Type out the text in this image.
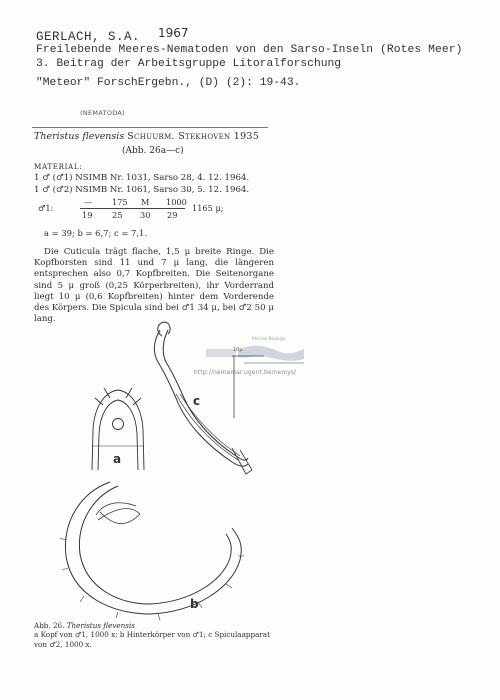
GERLACH, S.A. 1967
Freilebende Meeres-Nematoden von den Sarso-Inseln (Rotes Meer)
3. Beitrag der Arbeitsgruppe Litoralforschung
"Meteor" ForschErgebn., (D) (2): 19-43.
(NEMATODA)
Theristus flevensis Schuurm. Stekhoven 1935
(Abb. 26a—c)
MATERIAL:
1 ♂ (♂1) NSIMB Nr. 1031, Sarso 28, 4. 12. 1964.
1 ♂ (♂2) NSIMB Nr. 1061, Sarso 30, 5. 12. 1964.
♂1:
— 175 M 1000
19 25 30 29
1165 μ;
a = 39; b = 6,7; c = 7,1.
Die Cuticula trägt flache, 1,5 μ breite Ringe. Die Kopfborsten sind 11 und 7 μ lang, die längeren entsprechen also 0,7 Kopfbreiten. Die Seitenorgane sind 5 μ groß (0,25 Körperbreiten), ihr Vorderrand liegt 10 μ (0,6 Kopfbreiten) hinter dem Vorderende des Körpers. Die Spicula sind bei ♂1 34 μ, bei ♂2 50 μ lang.
Marine Biology
http://nemamar.ugent.be/nemys/
a
b
c
10μ
Abb. 26. Theristus flevensis
a Kopf von ♂1, 1000 x; b Hinterkörper von ♂1; c Spiculaapparat von ♂2, 1000 x.
